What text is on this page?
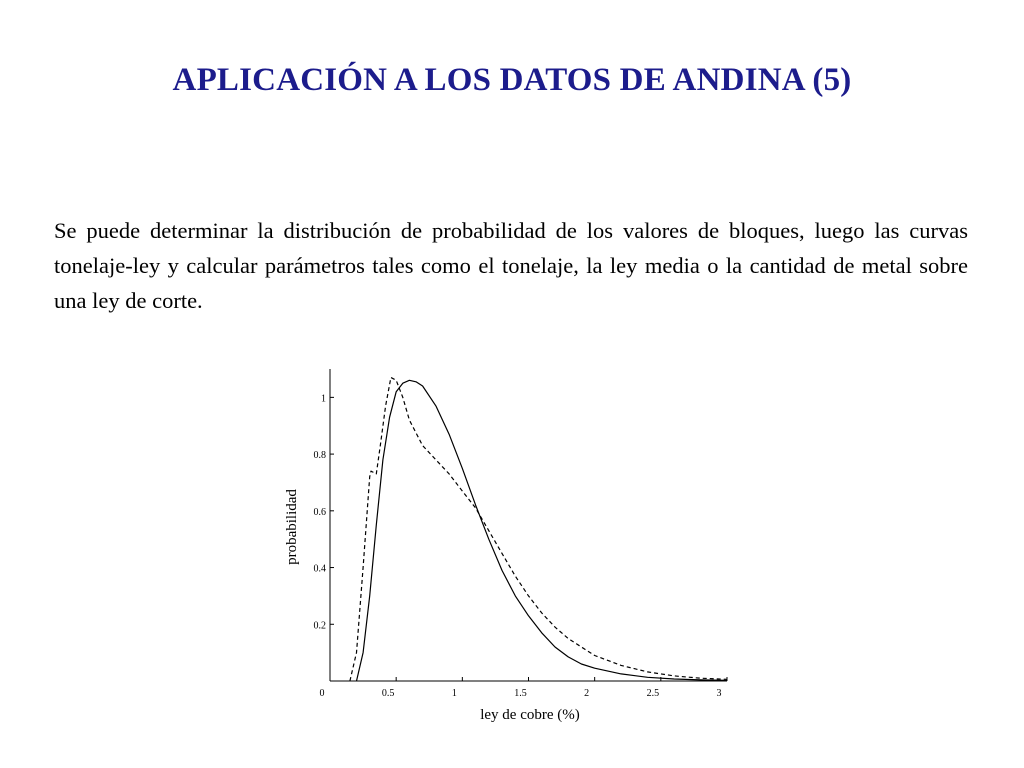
APLICACIÓN A LOS DATOS DE ANDINA (5)

Se puede determinar la distribución de probabilidad de los valores de bloques, luego las curvas tonelaje-ley y calcular parámetros tales como el tonelaje, la ley media o la cantidad de metal sobre una ley de corte.

0	0.5	1	1.5	2	2.5	3
0.2
0.4
0.6
0.8
1
ley de cobre (%)
probabilidad
